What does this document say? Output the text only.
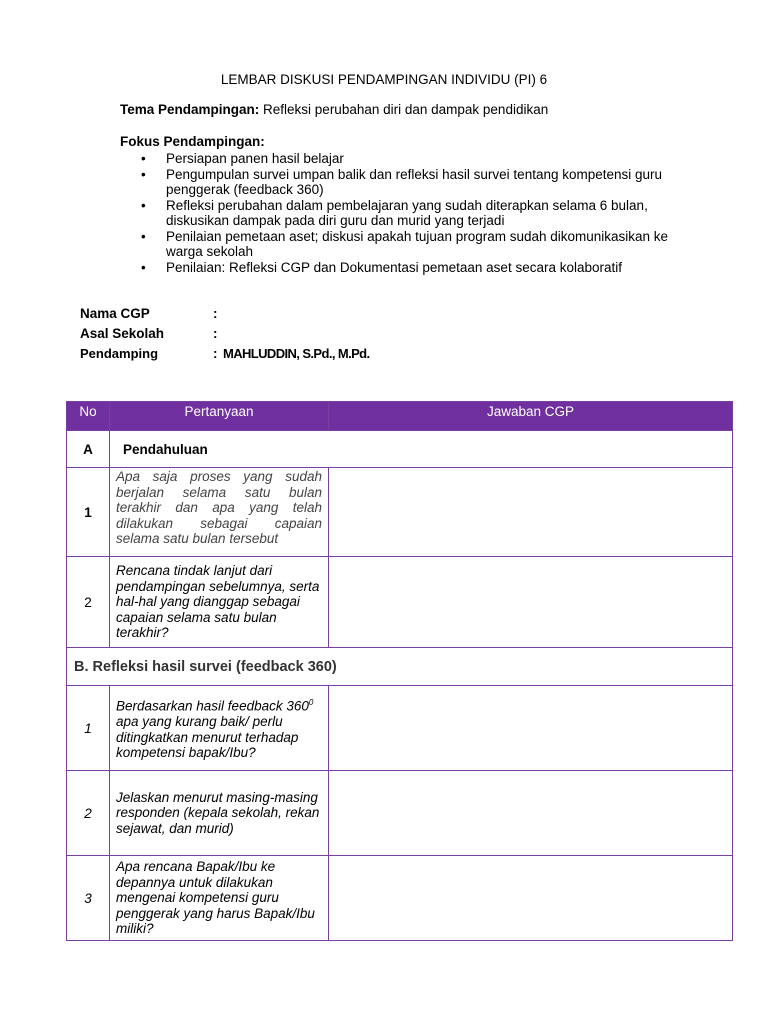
LEMBAR DISKUSI PENDAMPINGAN INDIVIDU (PI) 6
Tema Pendampingan: Refleksi perubahan diri dan dampak pendidikan
Fokus Pendampingan:
• Persiapan panen hasil belajar
• Pengumpulan survei umpan balik dan refleksi hasil survei tentang kompetensi guru penggerak (feedback 360)
• Refleksi perubahan dalam pembelajaran yang sudah diterapkan selama 6 bulan, diskusikan dampak pada diri guru dan murid yang terjadi
• Penilaian pemetaan aset; diskusi apakah tujuan program sudah dikomunikasikan ke warga sekolah
• Penilaian: Refleksi CGP dan Dokumentasi pemetaan aset secara kolaboratif
Nama CGP	:
Asal Sekolah	:
Pendamping	: MAHLUDDIN, S.Pd., M.Pd.
No	Pertanyaan	Jawaban CGP
A	Pendahuluan	
1	Apa saja proses yang sudah berjalan selama satu bulan terakhir dan apa yang telah dilakukan sebagai capaian selama satu bulan tersebut	

2	Rencana tindak lanjut dari pendampingan sebelumnya, serta hal-hal yang dianggap sebagai capaian selama satu bulan terakhir?	

B. Refleksi hasil survei (feedback 360)		
1	Berdasarkan hasil feedback $360^0$ apa yang kurang baik/ perlu ditingkatkan menurut terhadap kompetensi bapak/Ibu?	

2	Jelaskan menurut masing-masing responden (kepala sekolah, rekan sejawat, dan murid)	

3	Apa rencana Bapak/Ibu ke depannya untuk dilakukan mengenai kompetensi guru penggerak yang harus Bapak/Ibu miliki?	
